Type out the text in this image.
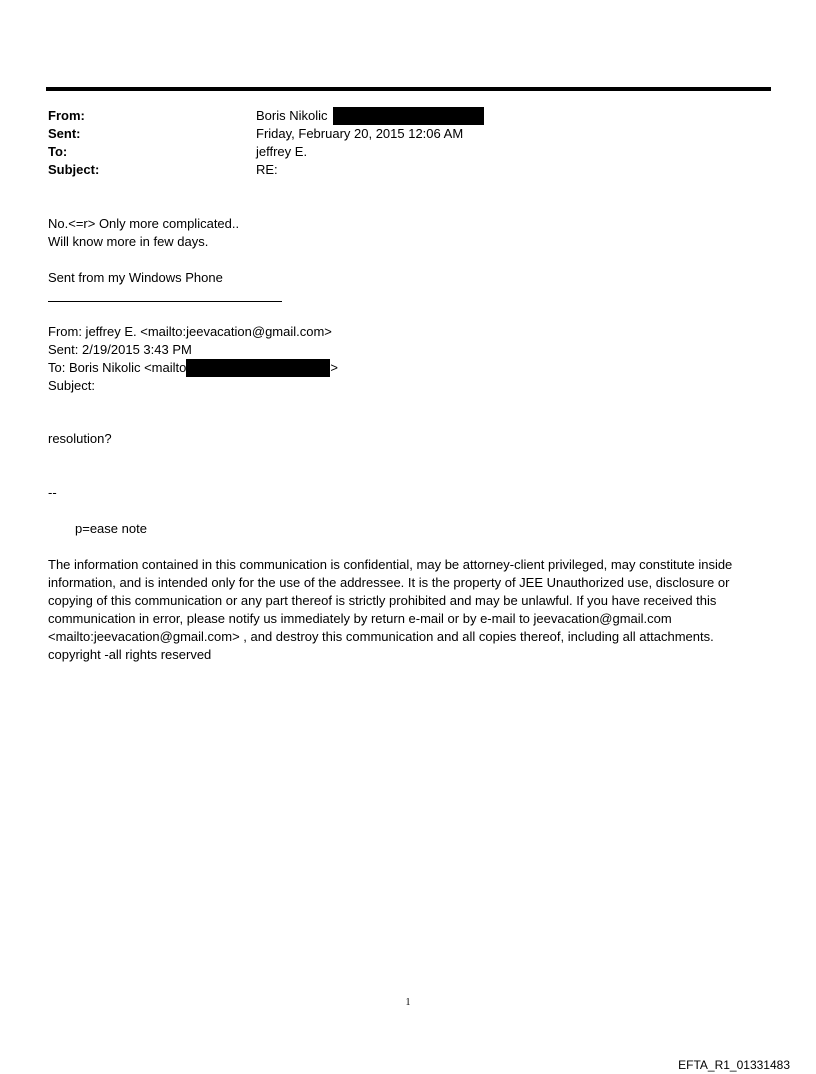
From:	Boris Nikolic
Sent:	Friday, February 20, 2015 12:06 AM
To:	jeffrey E.
Subject:	RE:
No.<=r> Only more complicated..
Will know more in few days.
Sent from my Windows Phone
From: jeffrey E. <mailto:jeevacation@gmail.com>
Sent: 2/19/2015 3:43 PM
To: Boris Nikolic <mailto	>
Subject:
resolution?
--
p=ease note
The information contained in this communication is confidential, may be attorney-client privileged, may constitute inside information, and is intended only for the use of the addressee. It is the property of JEE Unauthorized use, disclosure or copying of this communication or any part thereof is strictly prohibited and may be unlawful. If you have received this communication in error, please notify us immediately by return e-mail or by e-mail to jeevacation@gmail.com <mailto:jeevacation@gmail.com> , and destroy this communication and all copies thereof, including all attachments. copyright -all rights reserved
1
EFTA_R1_01331483
